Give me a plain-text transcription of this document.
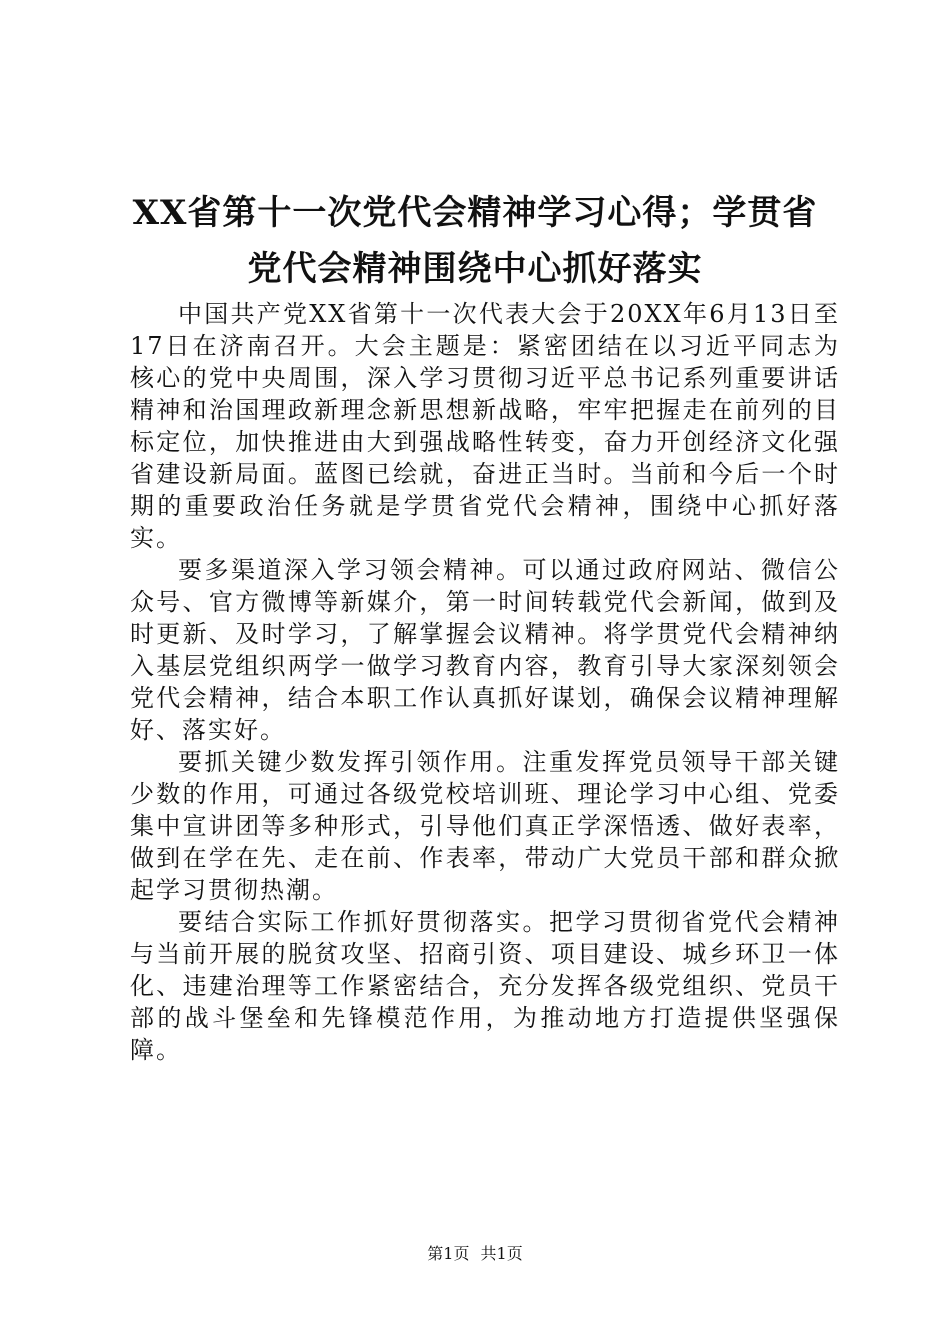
XX省第十一次党代会精神学习心得；学贯省
党代会精神围绕中心抓好落实

中国共产党XX省第十一次代表大会于20XX年6月13日至17日在济南召开。大会主题是：紧密团结在以习近平同志为核心的党中央周围，深入学习贯彻习近平总书记系列重要讲话精神和治国理政新理念新思想新战略，牢牢把握走在前列的目标定位，加快推进由大到强战略性转变，奋力开创经济文化强省建设新局面。蓝图已绘就，奋进正当时。当前和今后一个时期的重要政治任务就是学贯省党代会精神，围绕中心抓好落实。

要多渠道深入学习领会精神。可以通过政府网站、微信公众号、官方微博等新媒介，第一时间转载党代会新闻，做到及时更新、及时学习，了解掌握会议精神。将学贯党代会精神纳入基层党组织两学一做学习教育内容，教育引导大家深刻领会党代会精神，结合本职工作认真抓好谋划，确保会议精神理解好、落实好。

要抓关键少数发挥引领作用。注重发挥党员领导干部关键少数的作用，可通过各级党校培训班、理论学习中心组、党委集中宣讲团等多种形式，引导他们真正学深悟透、做好表率，做到在学在先、走在前、作表率，带动广大党员干部和群众掀起学习贯彻热潮。

要结合实际工作抓好贯彻落实。把学习贯彻省党代会精神与当前开展的脱贫攻坚、招商引资、项目建设、城乡环卫一体化、违建治理等工作紧密结合，充分发挥各级党组织、党员干部的战斗堡垒和先锋模范作用，为推动地方打造提供坚强保障。

第1页 共1页
